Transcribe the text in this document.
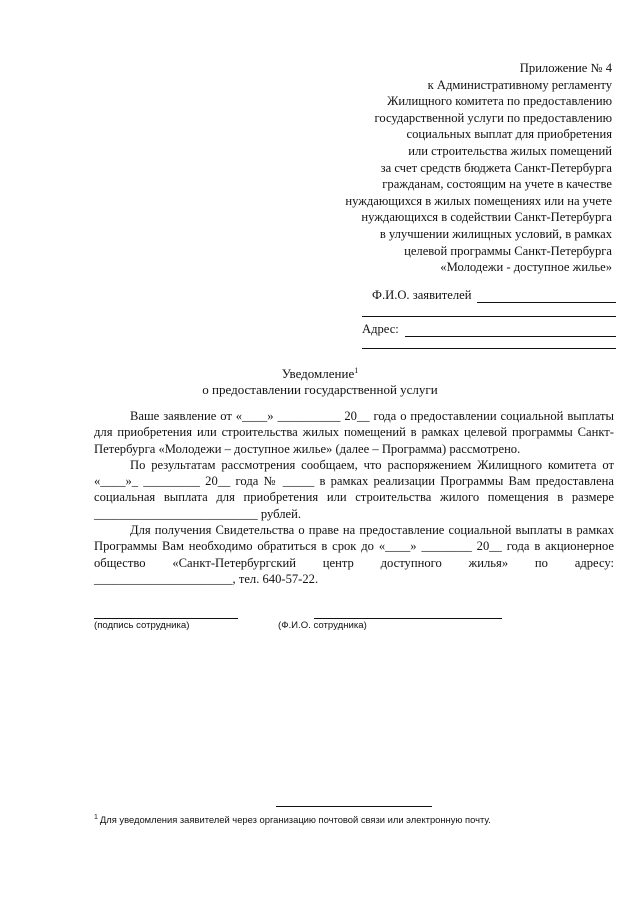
Приложение № 4
к Административному регламенту
Жилищного комитета по предоставлению
государственной услуги по предоставлению
социальных выплат для приобретения
или строительства жилых помещений
за счет средств бюджета Санкт-Петербурга
гражданам, состоящим на учете в качестве
нуждающихся в жилых помещениях или на учете
нуждающихся в содействии Санкт-Петербурга
в улучшении жилищных условий, в рамках
целевой программы Санкт-Петербурга
«Молодежи - доступное жилье»
Ф.И.О. заявителей
Адрес:
Уведомление$^1$
о предоставлении государственной услуги

Ваше заявление от «____» __________ 20__ года о предоставлении социальной выплаты для приобретения или строительства жилых помещений в рамках целевой программы Санкт-Петербурга «Молодежи – доступное жилье» (далее – Программа) рассмотрено.

По результатам рассмотрения сообщаем, что распоряжением Жилищного комитета от «____»_ _________ 20__ года № _____ в рамках реализации Программы Вам предоставлена социальная выплата для приобретения или строительства жилого помещения в размере __________________________ рублей.

Для получения Свидетельства о праве на предоставление социальной выплаты в рамках Программы Вам необходимо обратиться в срок до «____» ________ 20__ года в акционерное общество «Санкт-Петербургский центр доступного жилья» по адресу: ______________________, тел. 640-57-22.

(подпись сотрудника)	(Ф.И.О. сотрудника)
$^1$ Для уведомления заявителей через организацию почтовой связи или электронную почту.
